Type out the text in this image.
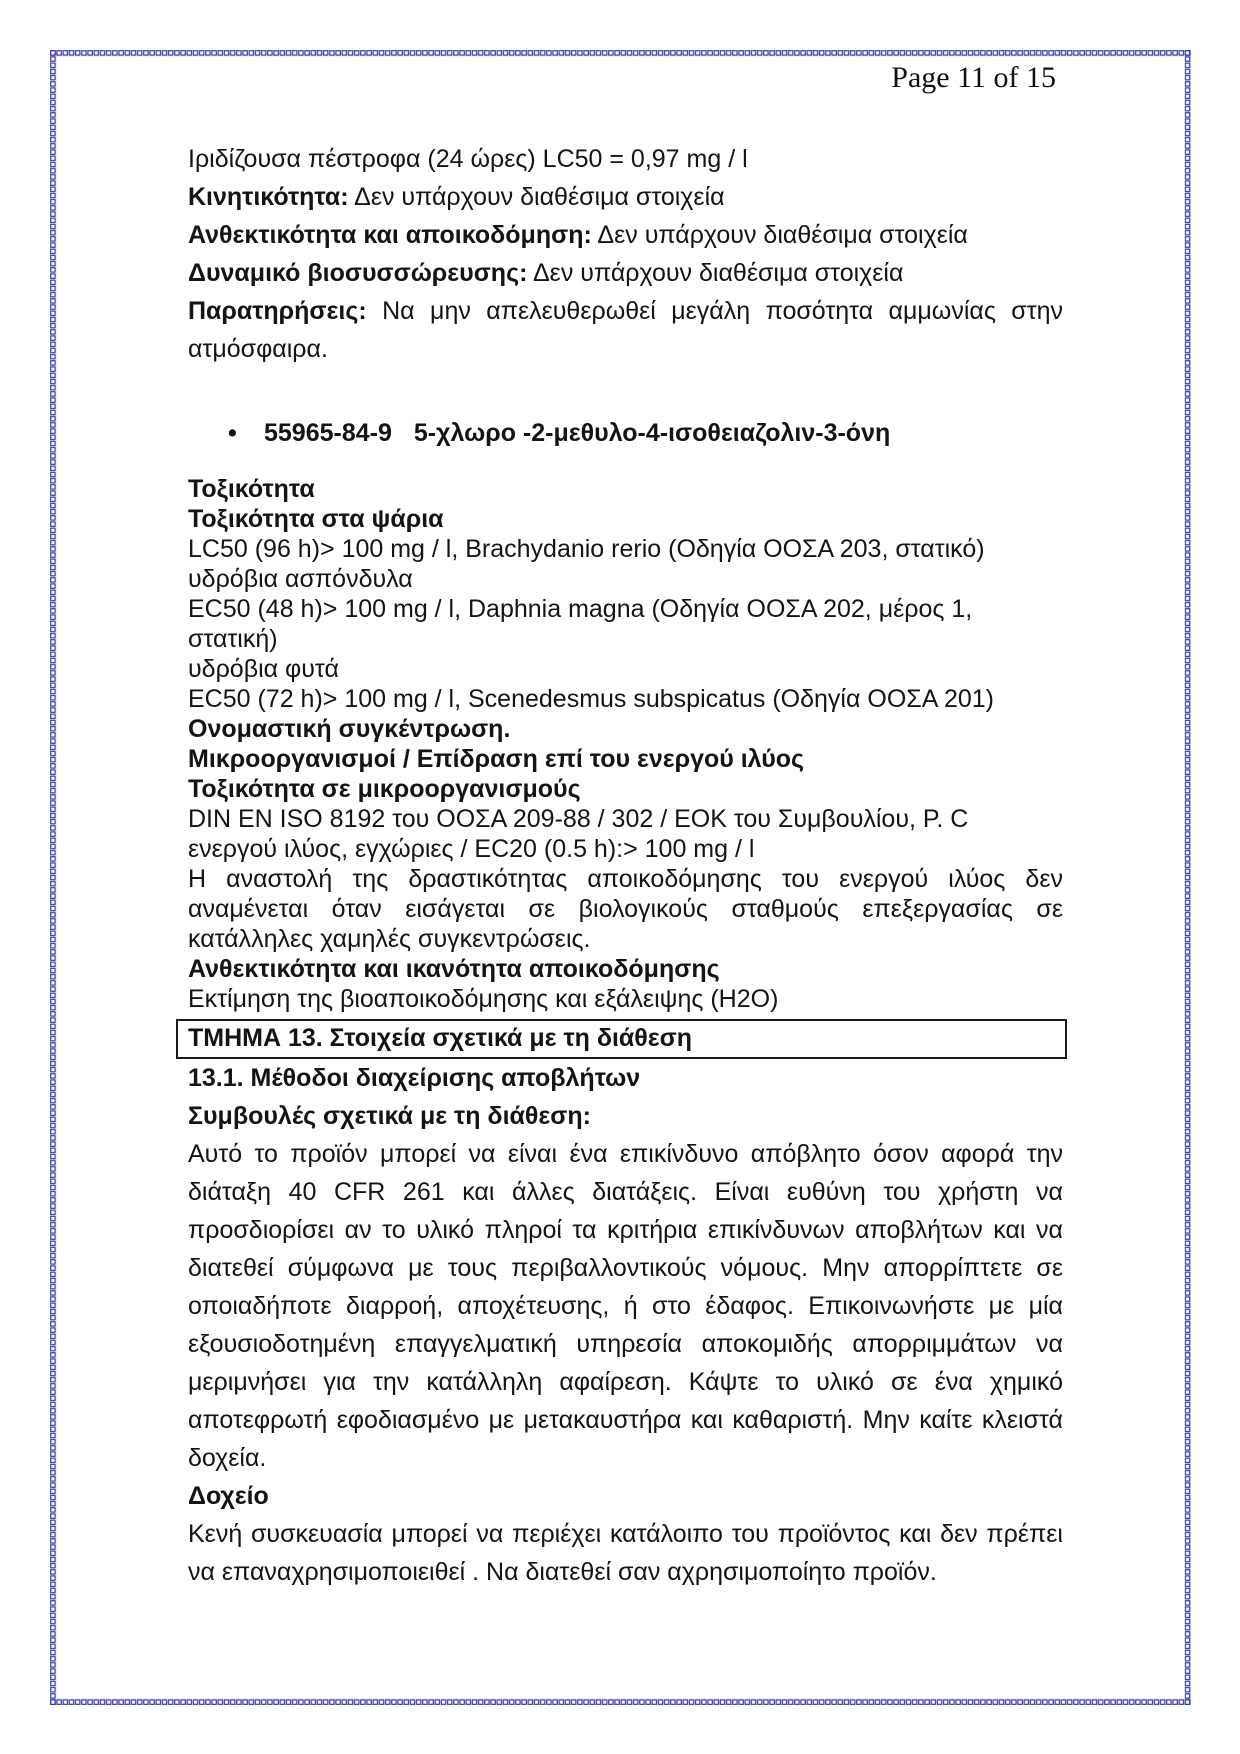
Page 11 of 15

Ιριδίζουσα πέστροφα (24 ώρες) LC50 = 0,97 mg / l

Κινητικότητα: Δεν υπάρχουν διαθέσιμα στοιχεία

Ανθεκτικότητα και αποικοδόμηση: Δεν υπάρχουν διαθέσιμα στοιχεία

Δυναμικό βιοσυσσώρευσης: Δεν υπάρχουν διαθέσιμα στοιχεία

Παρατηρήσεις: Να μην απελευθερωθεί μεγάλη ποσότητα αμμωνίας στην ατμόσφαιρα.

•	55965-84-9 5-χλωρο -2-μεθυλο-4-ισοθειαζολιν-3-όνη

Τοξικότητα

Τοξικότητα στα ψάρια

LC50 (96 h)> 100 mg / l, Brachydanio rerio (Οδηγία ΟΟΣΑ 203, στατικό)

υδρόβια ασπόνδυλα

EC50 (48 h)> 100 mg / l, Daphnia magna (Οδηγία ΟΟΣΑ 202, μέρος 1, στατική)

υδρόβια φυτά

EC50 (72 h)> 100 mg / l, Scenedesmus subspicatus (Οδηγία ΟΟΣΑ 201)

Ονομαστική συγκέντρωση.

Μικροοργανισμοί / Επίδραση επί του ενεργού ιλύος

Τοξικότητα σε μικροοργανισμούς

DIN EN ISO 8192 του ΟΟΣΑ 209-88 / 302 / ΕΟΚ του Συμβουλίου, P. C ενεργού ιλύος, εγχώριες / EC20 (0.5 h):> 100 mg / l

Η αναστολή της δραστικότητας αποικοδόμησης του ενεργού ιλύος δεν αναμένεται όταν εισάγεται σε βιολογικούς σταθμούς επεξεργασίας σε κατάλληλες χαμηλές συγκεντρώσεις.

Ανθεκτικότητα και ικανότητα αποικοδόμησης

Εκτίμηση της βιοαποικοδόμησης και εξάλειψης (H2O)

ΤΜΗΜΑ 13. Στοιχεία σχετικά με τη διάθεση

13.1. Μέθοδοι διαχείρισης αποβλήτων

Συμβουλές σχετικά με τη διάθεση:

Αυτό το προϊόν μπορεί να είναι ένα επικίνδυνο απόβλητο όσον αφορά την διάταξη 40 CFR 261 και άλλες διατάξεις. Είναι ευθύνη του χρήστη να προσδιορίσει αν το υλικό πληροί τα κριτήρια επικίνδυνων αποβλήτων και να διατεθεί σύμφωνα με τους περιβαλλοντικούς νόμους. Μην απορρίπτετε σε οποιαδήποτε διαρροή, αποχέτευσης, ή στο έδαφος. Επικοινωνήστε με μία εξουσιοδοτημένη επαγγελματική υπηρεσία αποκομιδής απορριμμάτων να μεριμνήσει για την κατάλληλη αφαίρεση. Κάψτε το υλικό σε ένα χημικό αποτεφρωτή εφοδιασμένο με μετακαυστήρα και καθαριστή. Μην καίτε κλειστά δοχεία.

Δοχείο

Κενή συσκευασία μπορεί να περιέχει κατάλοιπο του προϊόντος και δεν πρέπει να επαναχρησιμοποιειθεί . Να διατεθεί σαν αχρησιμοποίητο προϊόν.
